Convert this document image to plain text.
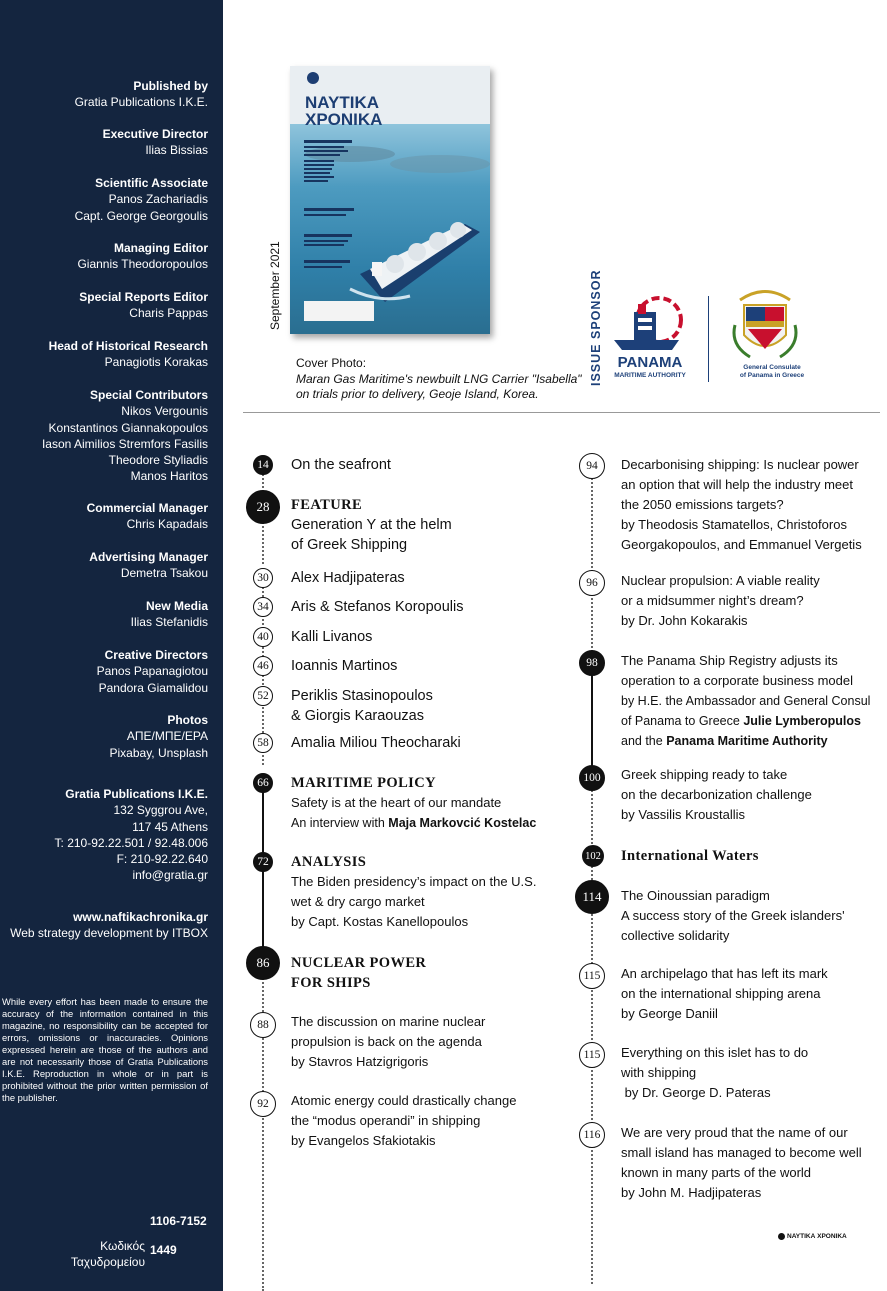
Published by
Gratia Publications I.K.E.
Executive Director
Ilias Bissias
Scientific Associate
Panos Zachariadis
Capt. George Georgoulis
Managing Editor
Giannis Theodoropoulos
Special Reports Editor
Charis Pappas
Head of Historical Research
Panagiotis Korakas
Special Contributors
Nikos Vergounis
Konstantinos Giannakopoulos
Iason Aimilios Stremfors Fasilis
Theodore Styliadis
Manos Haritos
Commercial Manager
Chris Kapadais
Advertising Manager
Demetra Tsakou
New Media
Ilias Stefanidis
Creative Directors
Panos Papanagiotou
Pandora Giamalidou
Photos
ΑΠΕ/ΜΠΕ/EPA
Pixabay, Unsplash
Gratia Publications I.K.E.
132 Syggrou Ave,
117 45 Athens
T: 210-92.22.501 / 92.48.006
F: 210-92.22.640
info@gratia.gr
www.naftikachronika.gr
Web strategy development by ITBOX
While every effort has been made to ensure the accuracy of the information contained in this magazine, no responsibility can be accepted for errors, omissions or inaccuracies. Opinions expressed herein are those of the authors and are not necessarily those of Gratia Publications I.K.E. Reproduction in whole or in part is prohibited without the prior written permission of the publisher.
1106-7152
Κωδικός
Ταχυδρομείου
1449
ΝΑΥΤΙΚΑ ΧΡΟΝΙΚΑ
September 2021
Cover Photo:
Maran Gas Maritime's newbuilt LNG Carrier "Isabella"
on trials prior to delivery, Geoje Island, Korea.
ISSUE SPONSOR PANAMA
MARITIME AUTHORITY
General Consulate
of Panama in Greece
14 On the seafront
28	FEATURE
Generation Y at the helm
of Greek Shipping
30 Alex Hadjipateras
34 Aris & Stefanos Koropoulis
40 Kalli Livanos
46 Ioannis Martinos
52 Periklis Stasinopoulos
& Giorgis Karaouzas
58 Amalia Miliou Theocharaki
66 MARITIME POLICY
Safety is at the heart of our mandate
An interview with Maja Markovcić Kostelac
72 ANALYSIS
The Biden presidency’s impact on the U.S.
wet & dry cargo market
by Capt. Kostas Kanellopoulos
86	NUCLEAR POWER
FOR SHIPS
88	The discussion on marine nuclear
propulsion is back on the agenda
by Stavros Hatzigrigoris
92	Atomic energy could drastically change
the “modus operandi” in shipping
by Evangelos Sfakiotakis
94	Decarbonising shipping: Is nuclear power
an option that will help the industry meet
the 2050 emissions targets?
by Theodosis Stamatellos, Christoforos
Georgakopoulos, and Emmanuel Vergetis
96	Nuclear propulsion: A viable reality
or a midsummer night’s dream?
by Dr. John Kokarakis
98	The Panama Ship Registry adjusts its
operation to a corporate business model
by H.E. the Ambassador and General Consul
of Panama to Greece Julie Lymberopulos
and the Panama Maritime Authority
100	Greek shipping ready to take
on the decarbonization challenge
by Vassilis Kroustallis
102 International Waters
114	The Oinoussian paradigm
A success story of the Greek islanders'
collective solidarity
115	An archipelago that has left its mark
on the international shipping arena
by George Daniil
115	Everything on this islet has to do
with shipping
by Dr. George D. Pateras
116	We are very proud that the name of our
small island has managed to become well
known in many parts of the world
by John M. Hadjipateras
ΝΑΥΤΙΚΑ ΧΡΟΝΙΚΑ
